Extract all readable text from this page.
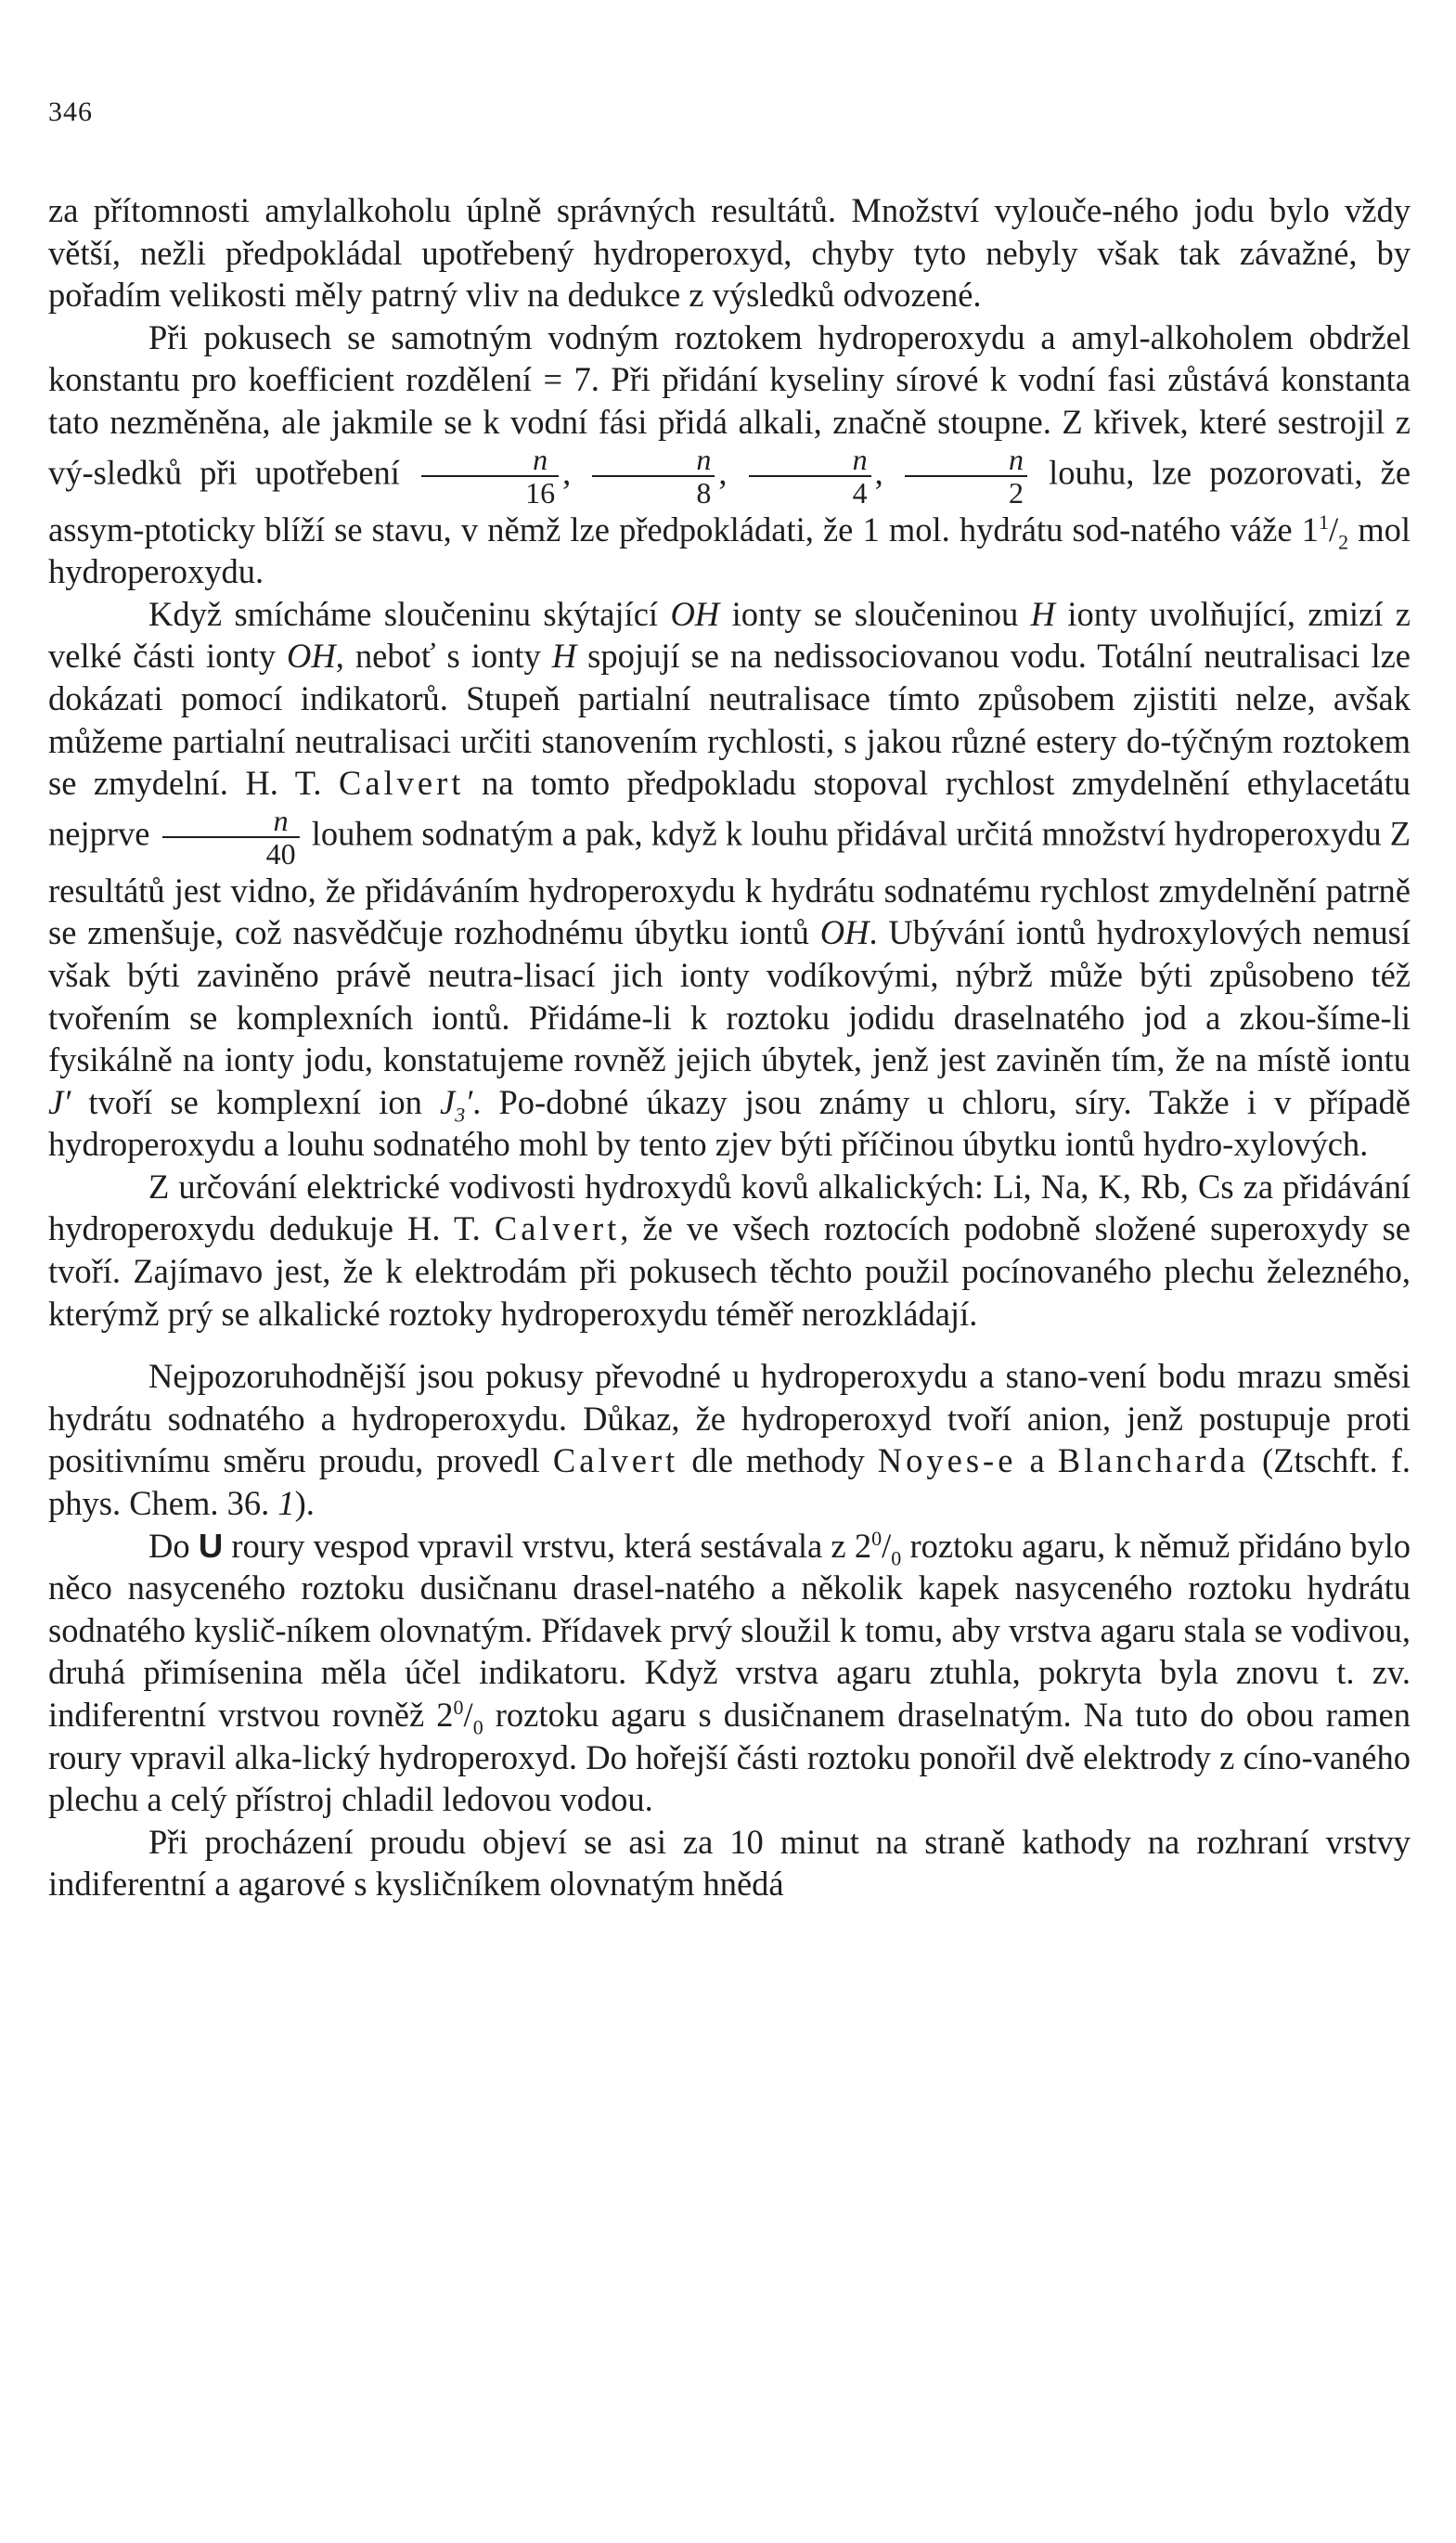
346

za přítomnosti amylalkoholu úplně správných resultátů. Množství vylouče-ného jodu bylo vždy větší, nežli předpokládal upotřebený hydroperoxyd, chyby tyto nebyly však tak závažné, by pořadím velikosti měly patrný vliv na dedukce z výsledků odvozené.

Při pokusech se samotným vodným roztokem hydroperoxydu a amyl-alkoholem obdržel konstantu pro koefficient rozdělení = 7. Při přidání kyseliny sírové k vodní fasi zůstává konstanta tato nezměněna, ale jakmile se k vodní fási přidá alkali, značně stoupne. Z křivek, které sestrojil z vý-sledků při upotřebení $\frac{n}{16}$ , $\frac{n}{8}$ , $\frac{n}{4}$ , $\frac{n}{2}$ louhu, lze pozorovati, že assym-ptoticky blíží se stavu, v němž lze předpokládati, že 1 mol. hydrátu sod-natého váže $1^1/_2$ mol hydroperoxydu.

Když smícháme sloučeninu skýtající OH ionty se sloučeninou H ionty uvolňující, zmizí z velké části ionty OH, neboť s ionty H spojují se na nedissociovanou vodu. Totální neutralisaci lze dokázati pomocí indikatorů. Stupeň partialní neutralisace tímto způsobem zjistiti nelze, avšak můžeme partialní neutralisaci určiti stanovením rychlosti, s jakou různé estery do-týčným roztokem se zmydelní. H. T. Calvert na tomto předpokladu stopoval rychlost zmydelnění ethylacetátu nejprve $\frac{n}{40}$ louhem sodnatým a pak, když k louhu přidával určitá množství hydroperoxydu Z resultátů jest vidno, že přidáváním hydroperoxydu k hydrátu sodnatému rychlost zmydelnění patrně se zmenšuje, což nasvědčuje rozhodnému úbytku iontů OH. Ubývání iontů hydroxylových nemusí však býti zaviněno právě neutra-lisací jich ionty vodíkovými, nýbrž může býti způsobeno též tvořením se komplexních iontů. Přidáme-li k roztoku jodidu draselnatého jod a zkou-šíme-li fysikálně na ionty jodu, konstatujeme rovněž jejich úbytek, jenž jest zaviněn tím, že na místě iontu J′ tvoří se komplexní ion $J_3'$. Po-dobné úkazy jsou známy u chloru, síry. Takže i v případě hydroperoxydu a louhu sodnatého mohl by tento zjev býti příčinou úbytku iontů hydro-xylových.

Z určování elektrické vodivosti hydroxydů kovů alkalických: Li, Na, K, Rb, Cs za přidávání hydroperoxydu dedukuje H. T. Calvert, že ve všech roztocích podobně složené superoxydy se tvoří. Zajímavo jest, že k elektrodám při pokusech těchto použil pocínovaného plechu železného, kterýmž prý se alkalické roztoky hydroperoxydu téměř nerozkládají.

Nejpozoruhodnější jsou pokusy převodné u hydroperoxydu a stano-vení bodu mrazu směsi hydrátu sodnatého a hydroperoxydu. Důkaz, že hydroperoxyd tvoří anion, jenž postupuje proti positivnímu směru proudu, provedl Calvert dle methody Noyes-e a Blancharda (Ztschft. f. phys. Chem. 36. 1).

Do U roury vespod vpravil vrstvu, která sestávala z $2^0/_0$ roztoku agaru, k němuž přidáno bylo něco nasyceného roztoku dusičnanu drasel-natého a několik kapek nasyceného roztoku hydrátu sodnatého kyslič-níkem olovnatým. Přídavek prvý sloužil k tomu, aby vrstva agaru stala se vodivou, druhá přimísenina měla účel indikatoru. Když vrstva agaru ztuhla, pokryta byla znovu t. zv. indiferentní vrstvou rovněž $2^0/_0$ roztoku agaru s dusičnanem draselnatým. Na tuto do obou ramen roury vpravil alka-lický hydroperoxyd. Do hořejší části roztoku ponořil dvě elektrody z cíno-vaného plechu a celý přístroj chladil ledovou vodou.

Při procházení proudu objeví se asi za 10 minut na straně kathody na rozhraní vrstvy indiferentní a agarové s kysličníkem olovnatým hnědá
